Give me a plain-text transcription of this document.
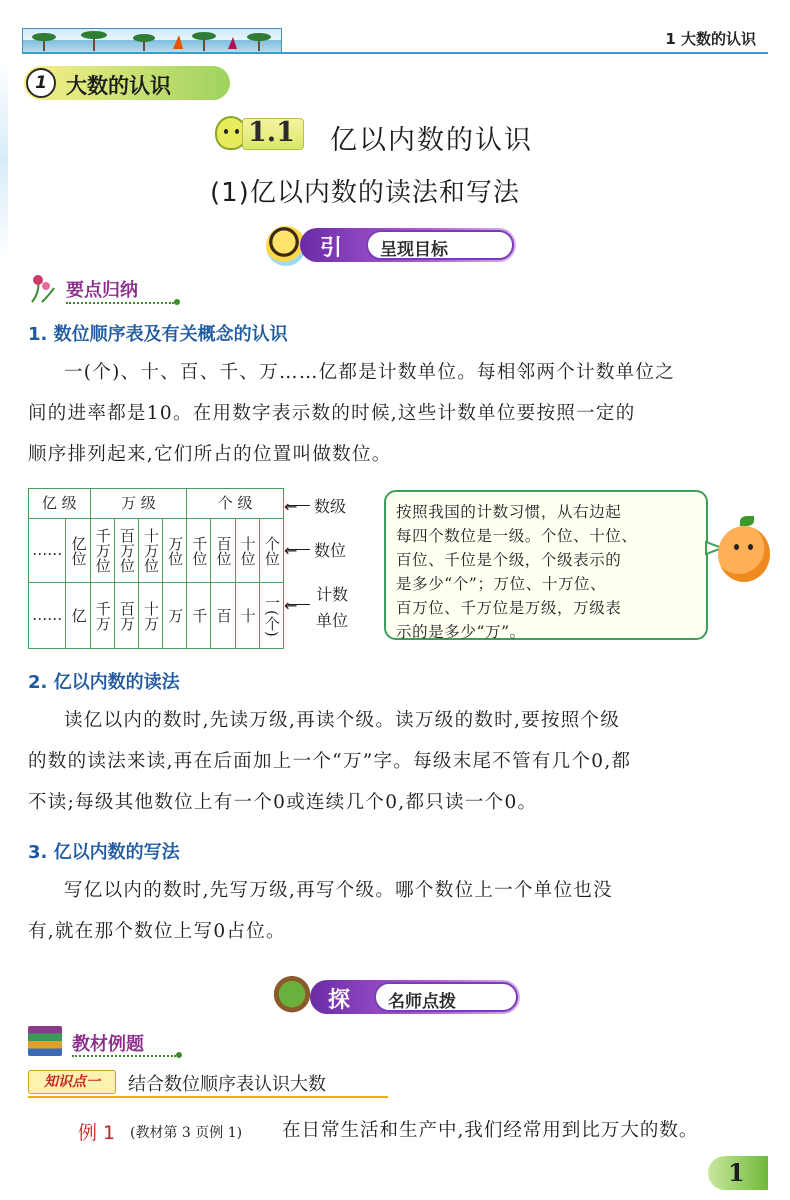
1 大数的认识
1 大数的认识
1.1 亿以内数的认识
(1)亿以内数的读法和写法
引 呈现目标
要点归纳
1. 数位顺序表及有关概念的认识
一(个)、十、百、千、万……亿都是计数单位。每相邻两个计数单位之
间的进率都是10。在用数字表示数的时候,这些计数单位要按照一定的
顺序排列起来,它们所占的位置叫做数位。
亿 级		万 级				个 级			
……	亿位	千万位	百万位	十万位	万位	千位	百位	十位	个位
……	亿	千万	百万	十万	万	千	百	十	一(个)
← 数级
← 数位
←
计数单位
按照我国的计数习惯，从右边起
每四个数位是一级。个位、十位、
百位、千位是个级，个级表示的
是多少“个”；万位、十万位、
百万位、千万位是万级，万级表
示的是多少“万”。
2. 亿以内数的读法
读亿以内的数时,先读万级,再读个级。读万级的数时,要按照个级
的数的读法来读,再在后面加上一个“万”字。每级末尾不管有几个0,都
不读;每级其他数位上有一个0或连续几个0,都只读一个0。
3. 亿以内数的写法
写亿以内的数时,先写万级,再写个级。哪个数位上一个单位也没
有,就在那个数位上写0占位。
探 名师点拨
教材例题
知识点一	结合数位顺序表认识大数
例 1 (教材第 3 页例 1) 在日常生活和生产中,我们经常用到比万大的数。
1
